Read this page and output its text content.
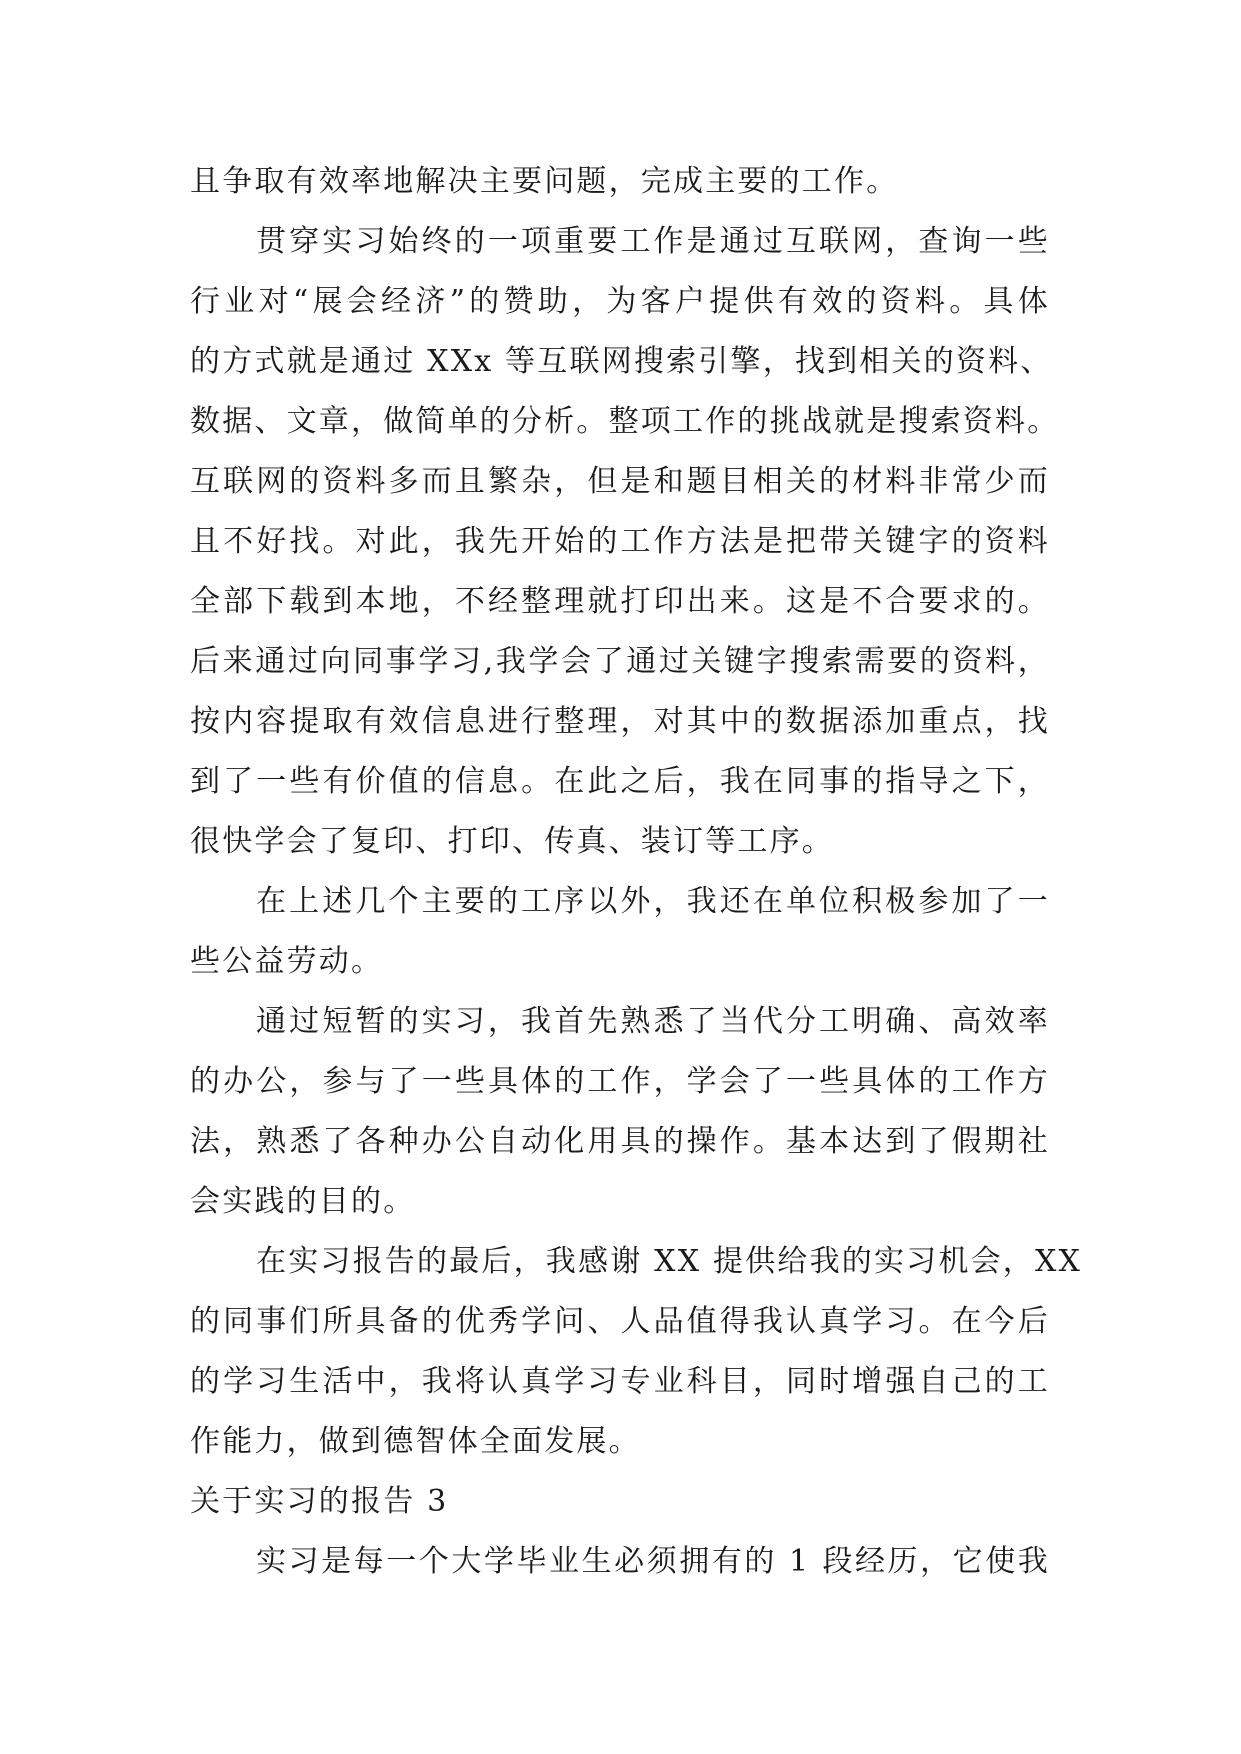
且争取有效率地解决主要问题，完成主要的工作。
贯穿实习始终的一项重要工作是通过互联网，查询一些
行业对“展会经济”的赞助，为客户提供有效的资料。具体
的方式就是通过 XXx 等互联网搜索引擎，找到相关的资料、
数据、文章，做简单的分析。整项工作的挑战就是搜索资料。
互联网的资料多而且繁杂，但是和题目相关的材料非常少而
且不好找。对此，我先开始的工作方法是把带关键字的资料
全部下载到本地，不经整理就打印出来。这是不合要求的。
后来通过向同事学习,我学会了通过关键字搜索需要的资料，
按内容提取有效信息进行整理，对其中的数据添加重点，找
到了一些有价值的信息。在此之后，我在同事的指导之下，
很快学会了复印、打印、传真、装订等工序。
在上述几个主要的工序以外，我还在单位积极参加了一
些公益劳动。
通过短暂的实习，我首先熟悉了当代分工明确、高效率
的办公，参与了一些具体的工作，学会了一些具体的工作方
法，熟悉了各种办公自动化用具的操作。基本达到了假期社
会实践的目的。
在实习报告的最后，我感谢 XX 提供给我的实习机会，XX
的同事们所具备的优秀学问、人品值得我认真学习。在今后
的学习生活中，我将认真学习专业科目，同时增强自己的工
作能力，做到德智体全面发展。
关于实习的报告 3
实习是每一个大学毕业生必须拥有的 1 段经历，它使我
